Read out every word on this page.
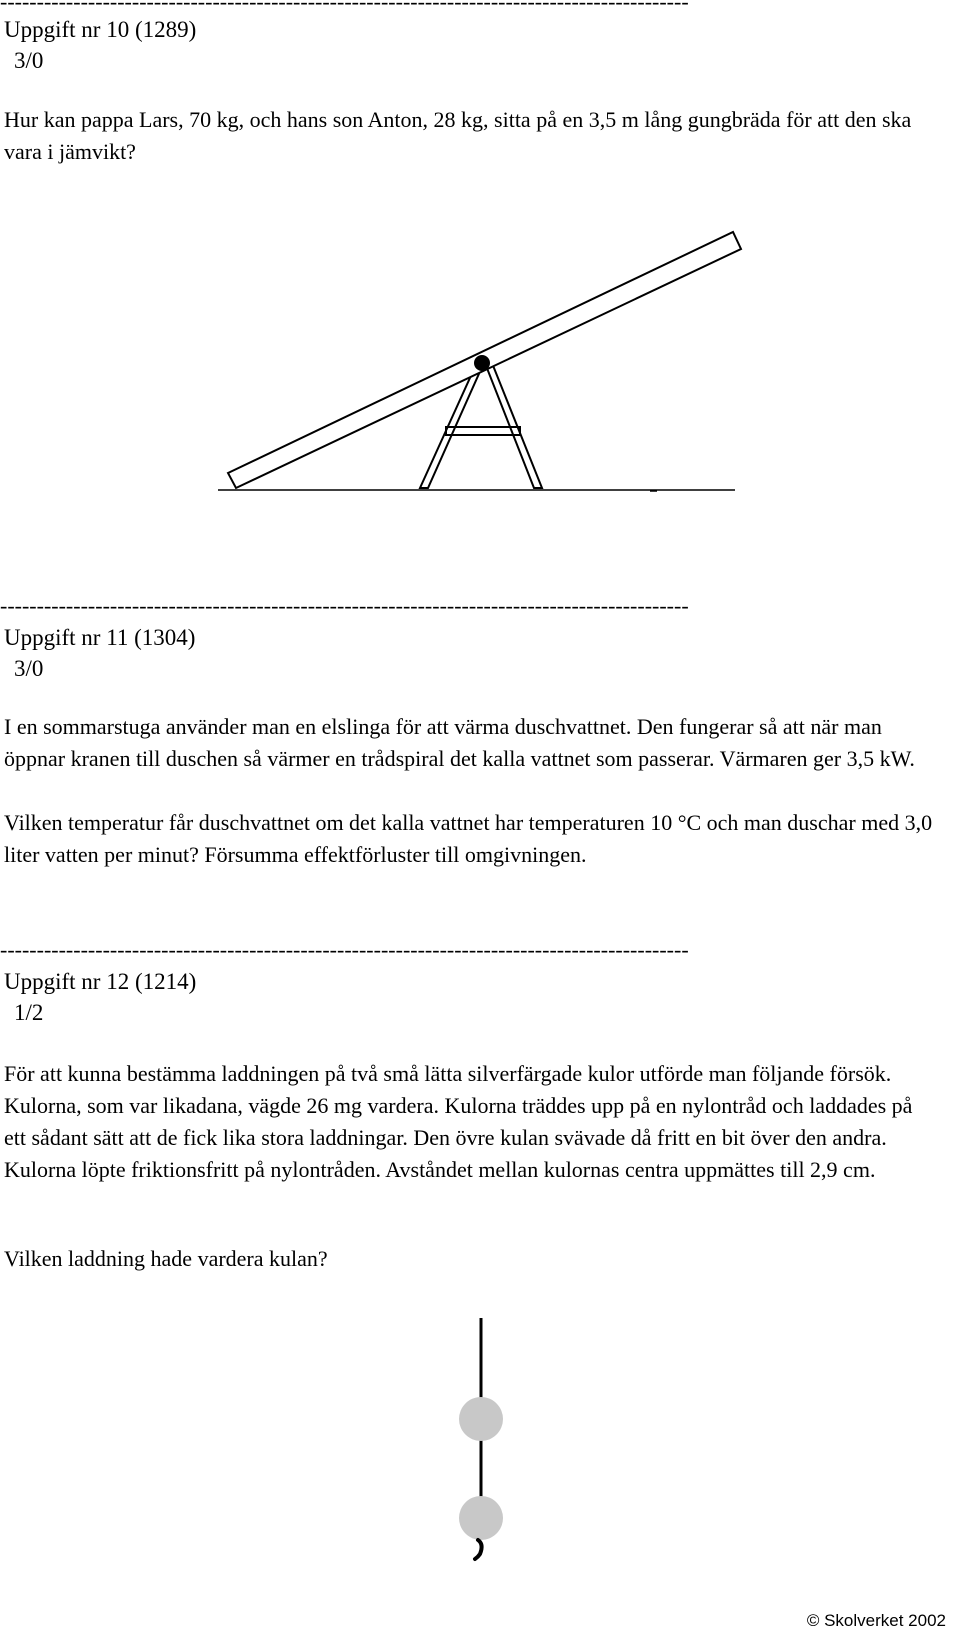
----------------------------------------------------------------------------------------------
Uppgift nr 10 (1289)
3/0
Hur kan pappa Lars, 70 kg, och hans son Anton, 28 kg, sitta på en 3,5 m lång gungbräda för att den ska vara i jämvikt?
----------------------------------------------------------------------------------------------
Uppgift nr 11 (1304)
3/0
I en sommarstuga använder man en elslinga för att värma duschvattnet. Den fungerar så att när man öppnar kranen till duschen så värmer en trådspiral det kalla vattnet som passerar. Värmaren ger 3,5 kW.
Vilken temperatur får duschvattnet om det kalla vattnet har temperaturen 10 °C och man duschar med 3,0 liter vatten per minut? Försumma effektförluster till omgivningen.
----------------------------------------------------------------------------------------------
Uppgift nr 12 (1214)
1/2
För att kunna bestämma laddningen på två små lätta silverfärgade kulor utförde man följande försök. Kulorna, som var likadana, vägde 26 mg vardera. Kulorna träddes upp på en nylontråd och laddades på ett sådant sätt att de fick lika stora laddningar. Den övre kulan svävade då fritt en bit över den andra. Kulorna löpte friktionsfritt på nylontråden. Avståndet mellan kulornas centra uppmättes till 2,9 cm.
Vilken laddning hade vardera kulan?
© Skolverket 2002
